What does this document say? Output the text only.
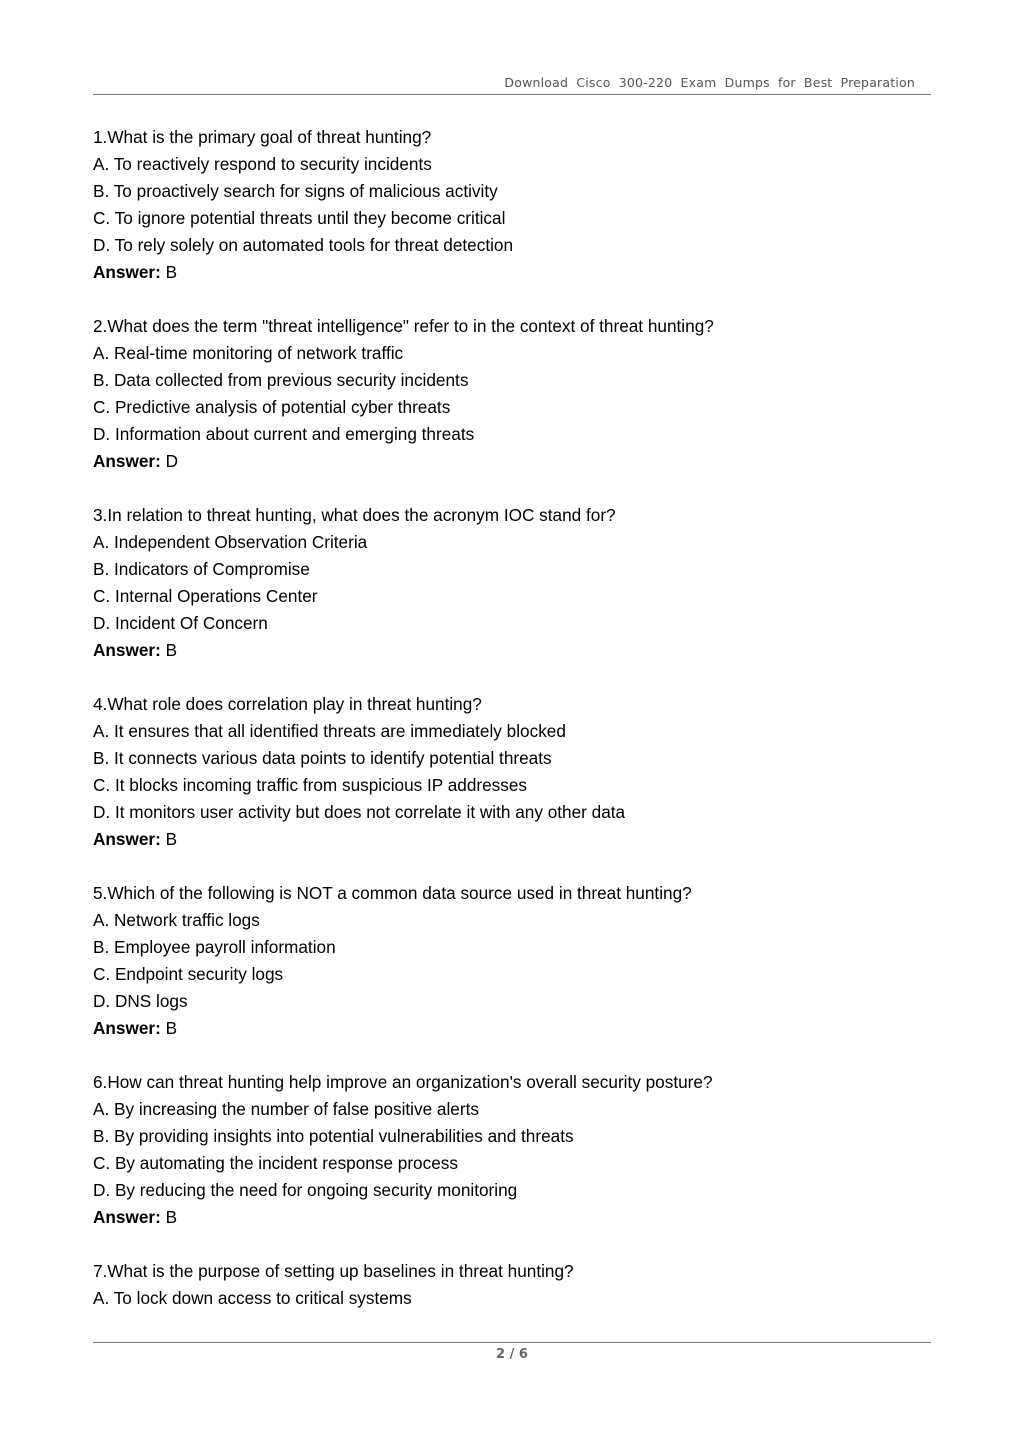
Download Cisco 300-220 Exam Dumps for Best Preparation
1.What is the primary goal of threat hunting?
A. To reactively respond to security incidents
B. To proactively search for signs of malicious activity
C. To ignore potential threats until they become critical
D. To rely solely on automated tools for threat detection
Answer: B
2.What does the term "threat intelligence" refer to in the context of threat hunting?
A. Real-time monitoring of network traffic
B. Data collected from previous security incidents
C. Predictive analysis of potential cyber threats
D. Information about current and emerging threats
Answer: D
3.In relation to threat hunting, what does the acronym IOC stand for?
A. Independent Observation Criteria
B. Indicators of Compromise
C. Internal Operations Center
D. Incident Of Concern
Answer: B
4.What role does correlation play in threat hunting?
A. It ensures that all identified threats are immediately blocked
B. It connects various data points to identify potential threats
C. It blocks incoming traffic from suspicious IP addresses
D. It monitors user activity but does not correlate it with any other data
Answer: B
5.Which of the following is NOT a common data source used in threat hunting?
A. Network traffic logs
B. Employee payroll information
C. Endpoint security logs
D. DNS logs
Answer: B
6.How can threat hunting help improve an organization's overall security posture?
A. By increasing the number of false positive alerts
B. By providing insights into potential vulnerabilities and threats
C. By automating the incident response process
D. By reducing the need for ongoing security monitoring
Answer: B
7.What is the purpose of setting up baselines in threat hunting?
A. To lock down access to critical systems
2 / 6
